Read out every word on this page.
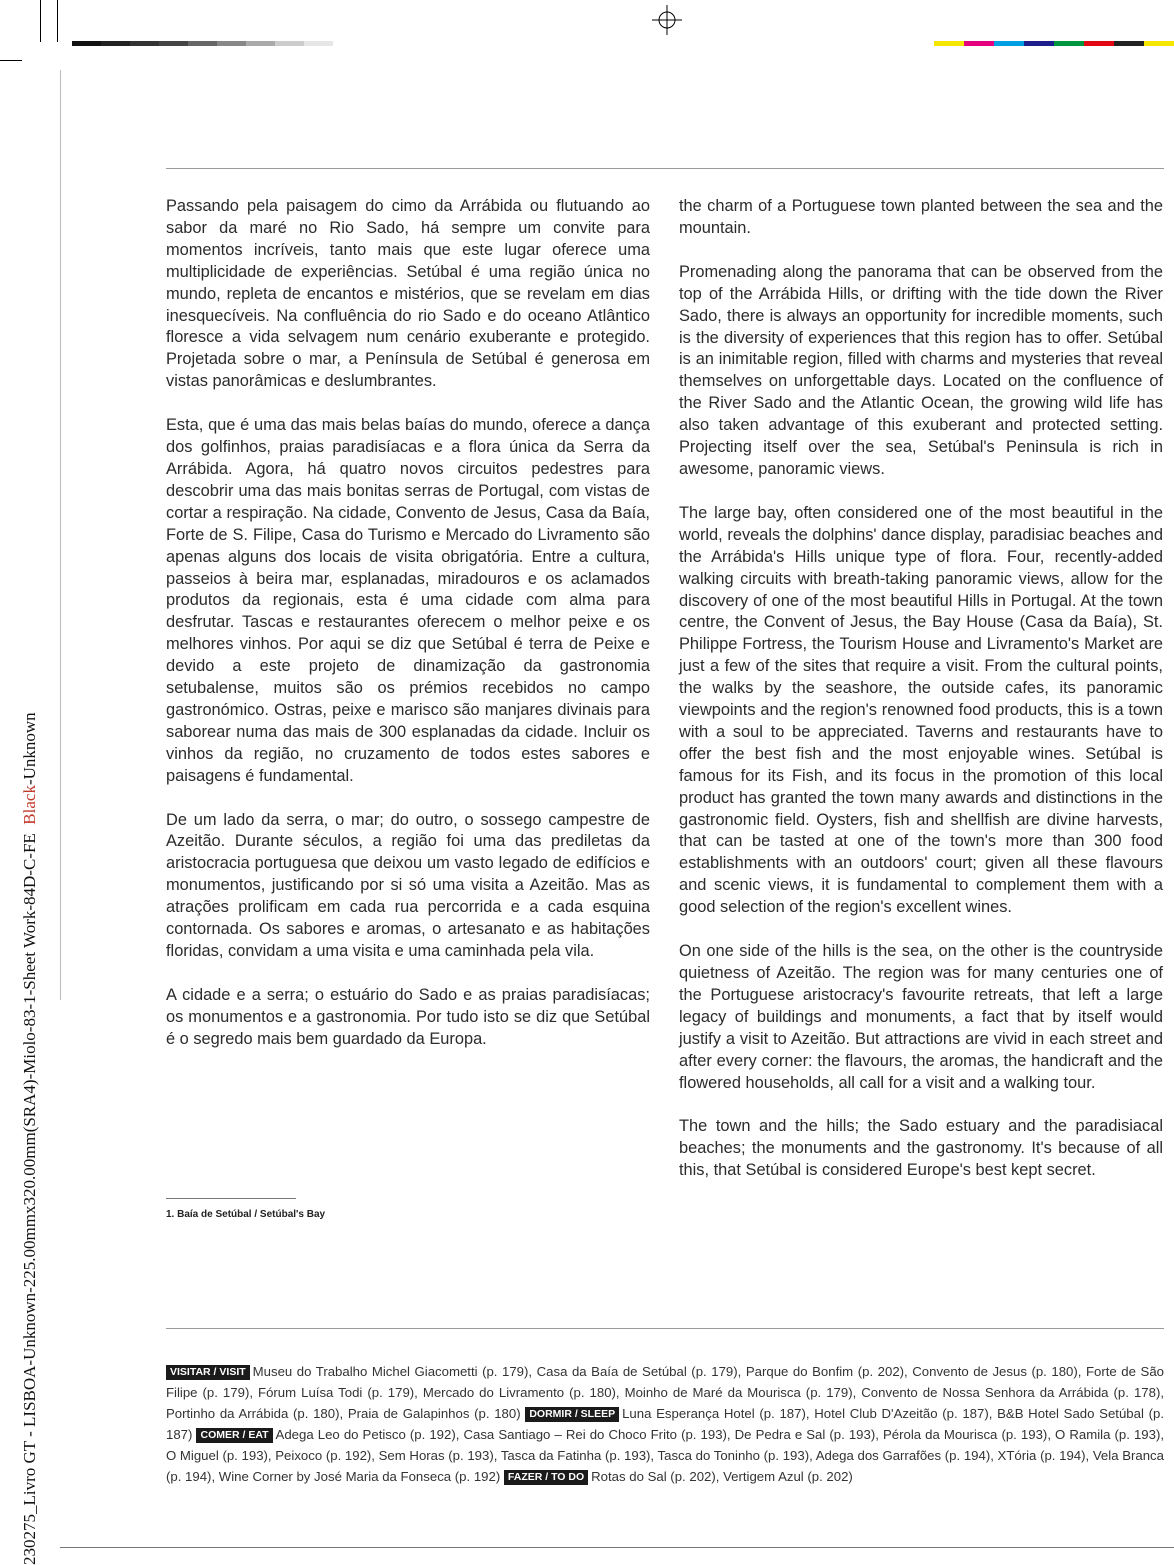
230275_Livro GT - LISBOA-Unknown-225.00mmx320.00mm(SRA4)-Miolo-83-1-Sheet Work-84D-C-FE  Black-Unknown

Passando pela paisagem do cimo da Arrábida ou flutuando ao sabor da maré no Rio Sado, há sempre um convite para momentos incríveis, tanto mais que este lugar oferece uma multiplicidade de experiências. Setúbal é uma região única no mundo, repleta de encantos e mistérios, que se revelam em dias inesquecíveis. Na confluência do rio Sado e do oceano Atlântico floresce a vida selvagem num cenário exuberante e protegido. Projetada sobre o mar, a Península de Setúbal é generosa em vistas panorâmicas e deslumbrantes.

Esta, que é uma das mais belas baías do mundo, oferece a dança dos golfinhos, praias paradisíacas e a flora única da Serra da Arrábida. Agora, há quatro novos circuitos pedestres para descobrir uma das mais bonitas serras de Portugal, com vistas de cortar a respiração. Na cidade, Convento de Jesus, Casa da Baía, Forte de S. Filipe, Casa do Turismo e Mercado do Livramento são apenas alguns dos locais de visita obrigatória. Entre a cultura, passeios à beira mar, esplanadas, miradouros e os aclamados produtos da regionais, esta é uma cidade com alma para desfrutar. Tascas e restaurantes oferecem o melhor peixe e os melhores vinhos. Por aqui se diz que Setúbal é terra de Peixe e devido a este projeto de dinamização da gastronomia setubalense, muitos são os prémios recebidos no campo gastronómico. Ostras, peixe e marisco são manjares divinais para saborear numa das mais de 300 esplanadas da cidade. Incluir os vinhos da região, no cruzamento de todos estes sabores e paisagens é fundamental.

De um lado da serra, o mar; do outro, o sossego campestre de Azeitão. Durante séculos, a região foi uma das prediletas da aristocracia portuguesa que deixou um vasto legado de edifícios e monumentos, justificando por si só uma visita a Azeitão. Mas as atrações prolificam em cada rua percorrida e a cada esquina contornada. Os sabores e aromas, o artesanato e as habitações floridas, convidam a uma visita e uma caminhada pela vila.

A cidade e a serra; o estuário do Sado e as praias paradisíacas; os monumentos e a gastronomia. Por tudo isto se diz que Setúbal é o segredo mais bem guardado da Europa.

the charm of a Portuguese town planted between the sea and the mountain.

Promenading along the panorama that can be observed from the top of the Arrábida Hills, or drifting with the tide down the River Sado, there is always an opportunity for incredible moments, such is the diversity of experiences that this region has to offer. Setúbal is an inimitable region, filled with charms and mysteries that reveal themselves on unforgettable days. Located on the confluence of the River Sado and the Atlantic Ocean, the growing wild life has also taken advantage of this exuberant and protected setting. Projecting itself over the sea, Setúbal's Peninsula is rich in awesome, panoramic views.

The large bay, often considered one of the most beautiful in the world, reveals the dolphins' dance display, paradisiac beaches and the Arrábida's Hills unique type of flora. Four, recently-added walking circuits with breath-taking panoramic views, allow for the discovery of one of the most beautiful Hills in Portugal. At the town centre, the Convent of Jesus, the Bay House (Casa da Baía), St. Philippe Fortress, the Tourism House and Livramento's Market are just a few of the sites that require a visit. From the cultural points, the walks by the seashore, the outside cafes, its panoramic viewpoints and the region's renowned food products, this is a town with a soul to be appreciated. Taverns and restaurants have to offer the best fish and the most enjoyable wines. Setúbal is famous for its Fish, and its focus in the promotion of this local product has granted the town many awards and distinctions in the gastronomic field. Oysters, fish and shellfish are divine harvests, that can be tasted at one of the town's more than 300 food establishments with an outdoors' court; given all these flavours and scenic views, it is fundamental to complement them with a good selection of the region's excellent wines.

On one side of the hills is the sea, on the other is the countryside quietness of Azeitão. The region was for many centuries one of the Portuguese aristocracy's favourite retreats, that left a large legacy of buildings and monuments, a fact that by itself would justify a visit to Azeitão. But attractions are vivid in each street and after every corner: the flavours, the aromas, the handicraft and the flowered households, all call for a visit and a walking tour.

The town and the hills; the Sado estuary and the paradisiacal beaches; the monuments and the gastronomy. It's because of all this, that Setúbal is considered Europe's best kept secret.

1. Baía de Setúbal / Setúbal's Bay
VISITAR / VISIT Museu do Trabalho Michel Giacometti (p. 179), Casa da Baía de Setúbal (p. 179), Parque do Bonfim (p. 202), Convento de Jesus (p. 180), Forte de São Filipe (p. 179), Fórum Luísa Todi (p. 179), Mercado do Livramento (p. 180), Moinho de Maré da Mourisca (p. 179), Convento de Nossa Senhora da Arrábida (p. 178), Portinho da Arrábida (p. 180), Praia de Galapinhos (p. 180) DORMIR / SLEEP Luna Esperança Hotel (p. 187), Hotel Club D'Azeitão (p. 187), B&B Hotel Sado Setúbal (p. 187) COMER / EAT Adega Leo do Petisco (p. 192), Casa Santiago – Rei do Choco Frito (p. 193), De Pedra e Sal (p. 193), Pérola da Mourisca (p. 193), O Ramila (p. 193), O Miguel (p. 193), Peixoco (p. 192), Sem Horas (p. 193), Tasca da Fatinha (p. 193), Tasca do Toninho (p. 193), Adega dos Garrafões (p. 194), XTória (p. 194), Vela Branca (p. 194), Wine Corner by José Maria da Fonseca (p. 192) FAZER / TO DO Rotas do Sal (p. 202), Vertigem Azul (p. 202)
